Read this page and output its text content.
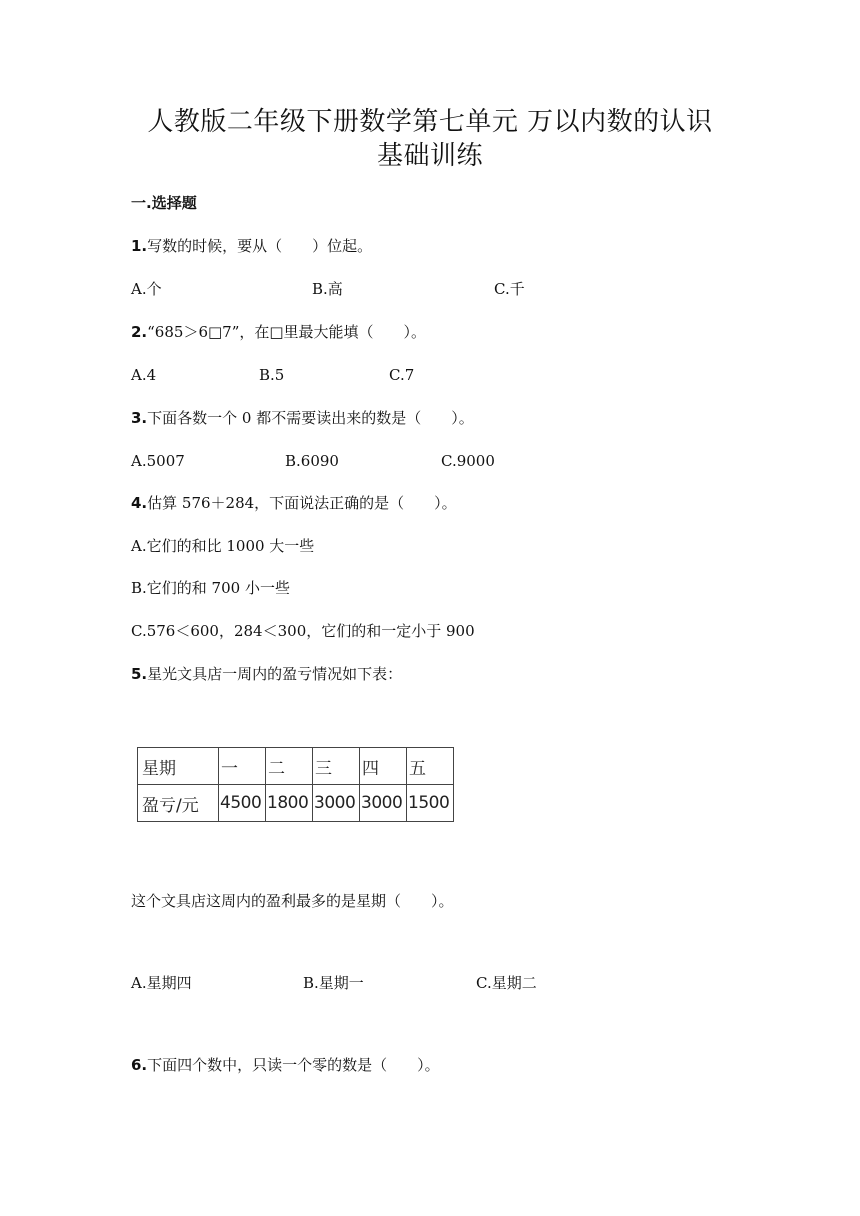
人教版二年级下册数学第七单元 万以内数的认识
基础训练
一.选择题
1.写数的时候，要从（　　）位起。
A.个	B.高	C.千
2.“685＞6□7”，在□里最大能填（　　）。
A.4	B.5	C.7
3.下面各数一个 0 都不需要读出来的数是（　　）。
A.5007	B.6090	C.9000
4.估算 576＋284，下面说法正确的是（　　）。
A.它们的和比 1000 大一些
B.它们的和 700 小一些
C.576＜600，284＜300，它们的和一定小于 900
5.星光文具店一周内的盈亏情况如下表：
星期	一	二	三	四	五
盈亏/元	4500	1800	3000	3000	1500
这个文具店这周内的盈利最多的是星期（　　）。
A.星期四	B.星期一	C.星期二
6.下面四个数中，只读一个零的数是（　　）。
